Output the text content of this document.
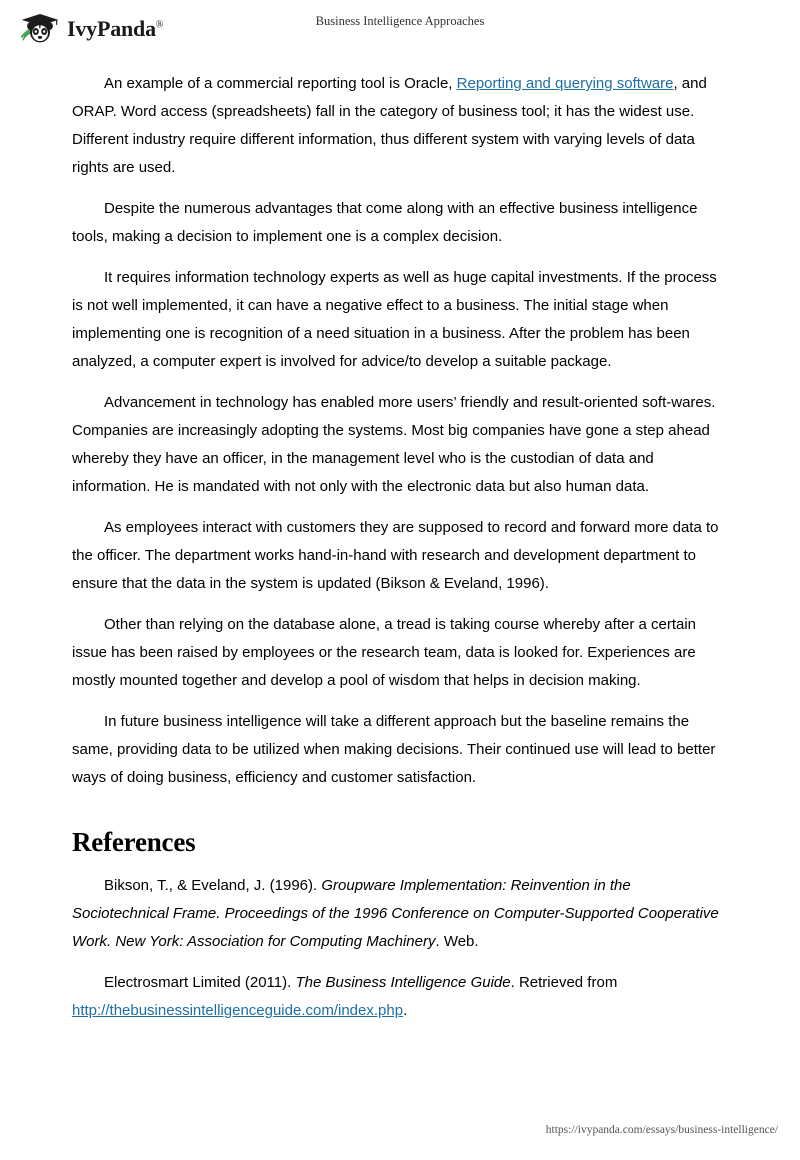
IvyPanda®	Business Intelligence Approaches

An example of a commercial reporting tool is Oracle, Reporting and querying software, and ORAP. Word access (spreadsheets) fall in the category of business tool; it has the widest use. Different industry require different information, thus different system with varying levels of data rights are used.

Despite the numerous advantages that come along with an effective business intelligence tools, making a decision to implement one is a complex decision.

It requires information technology experts as well as huge capital investments. If the process is not well implemented, it can have a negative effect to a business. The initial stage when implementing one is recognition of a need situation in a business. After the problem has been analyzed, a computer expert is involved for advice/to develop a suitable package.

Advancement in technology has enabled more users’ friendly and result-oriented soft-wares. Companies are increasingly adopting the systems. Most big companies have gone a step ahead whereby they have an officer, in the management level who is the custodian of data and information. He is mandated with not only with the electronic data but also human data.

As employees interact with customers they are supposed to record and forward more data to the officer. The department works hand-in-hand with research and development department to ensure that the data in the system is updated (Bikson & Eveland, 1996).

Other than relying on the database alone, a tread is taking course whereby after a certain issue has been raised by employees or the research team, data is looked for. Experiences are mostly mounted together and develop a pool of wisdom that helps in decision making.

In future business intelligence will take a different approach but the baseline remains the same, providing data to be utilized when making decisions. Their continued use will lead to better ways of doing business, efficiency and customer satisfaction.

References

Bikson, T., & Eveland, J. (1996). Groupware Implementation: Reinvention in the Sociotechnical Frame. Proceedings of the 1996 Conference on Computer-Supported Cooperative Work. New York: Association for Computing Machinery. Web.

Electrosmart Limited (2011). The Business Intelligence Guide. Retrieved from http://thebusinessintelligenceguide.com/index.php.

https://ivypanda.com/essays/business-intelligence/
